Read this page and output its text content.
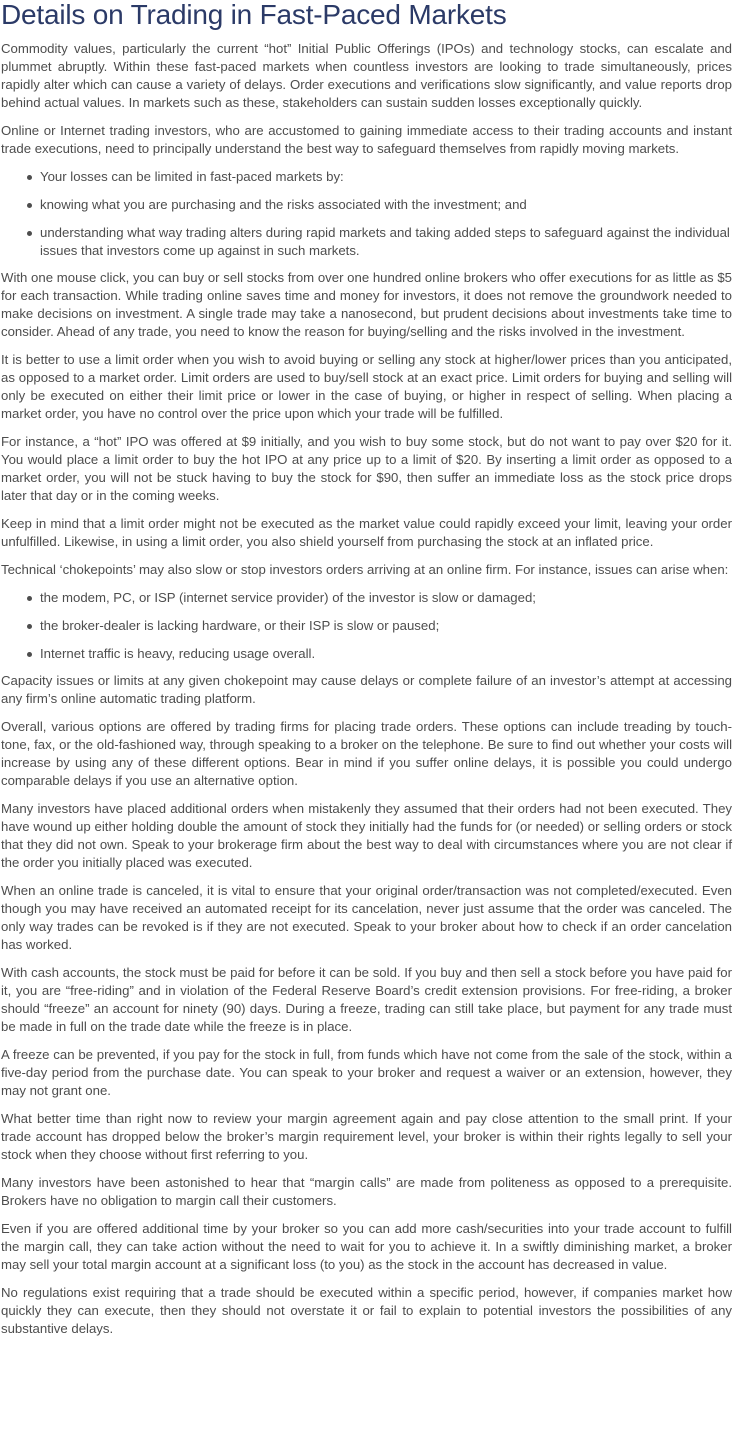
Details on Trading in Fast-Paced Markets

Commodity values, particularly the current “hot” Initial Public Offerings (IPOs) and technology stocks, can escalate and plummet abruptly. Within these fast-paced markets when countless investors are looking to trade simultaneously, prices rapidly alter which can cause a variety of delays. Order executions and verifications slow significantly, and value reports drop behind actual values. In markets such as these, stakeholders can sustain sudden losses exceptionally quickly.

Online or Internet trading investors, who are accustomed to gaining immediate access to their trading accounts and instant trade executions, need to principally understand the best way to safeguard themselves from rapidly moving markets.

Your losses can be limited in fast-paced markets by:
knowing what you are purchasing and the risks associated with the investment; and
understanding what way trading alters during rapid markets and taking added steps to safeguard against the individual issues that investors come up against in such markets.

With one mouse click, you can buy or sell stocks from over one hundred online brokers who offer executions for as little as $5 for each transaction. While trading online saves time and money for investors, it does not remove the groundwork needed to make decisions on investment. A single trade may take a nanosecond, but prudent decisions about investments take time to consider. Ahead of any trade, you need to know the reason for buying/selling and the risks involved in the investment.

It is better to use a limit order when you wish to avoid buying or selling any stock at higher/lower prices than you anticipated, as opposed to a market order. Limit orders are used to buy/sell stock at an exact price. Limit orders for buying and selling will only be executed on either their limit price or lower in the case of buying, or higher in respect of selling. When placing a market order, you have no control over the price upon which your trade will be fulfilled.

For instance, a “hot” IPO was offered at $9 initially, and you wish to buy some stock, but do not want to pay over $20 for it. You would place a limit order to buy the hot IPO at any price up to a limit of $20. By inserting a limit order as opposed to a market order, you will not be stuck having to buy the stock for $90, then suffer an immediate loss as the stock price drops later that day or in the coming weeks.

Keep in mind that a limit order might not be executed as the market value could rapidly exceed your limit, leaving your order unfulfilled. Likewise, in using a limit order, you also shield yourself from purchasing the stock at an inflated price.

Technical ‘chokepoints’ may also slow or stop investors orders arriving at an online firm. For instance, issues can arise when:

the modem, PC, or ISP (internet service provider) of the investor is slow or damaged;
the broker-dealer is lacking hardware, or their ISP is slow or paused;
Internet traffic is heavy, reducing usage overall.

Capacity issues or limits at any given chokepoint may cause delays or complete failure of an investor’s attempt at accessing any firm’s online automatic trading platform.

Overall, various options are offered by trading firms for placing trade orders. These options can include treading by touch-tone, fax, or the old-fashioned way, through speaking to a broker on the telephone. Be sure to find out whether your costs will increase by using any of these different options. Bear in mind if you suffer online delays, it is possible you could undergo comparable delays if you use an alternative option.

Many investors have placed additional orders when mistakenly they assumed that their orders had not been executed. They have wound up either holding double the amount of stock they initially had the funds for (or needed) or selling orders or stock that they did not own. Speak to your brokerage firm about the best way to deal with circumstances where you are not clear if the order you initially placed was executed.

When an online trade is canceled, it is vital to ensure that your original order/transaction was not completed/executed. Even though you may have received an automated receipt for its cancelation, never just assume that the order was canceled. The only way trades can be revoked is if they are not executed. Speak to your broker about how to check if an order cancelation has worked.

With cash accounts, the stock must be paid for before it can be sold. If you buy and then sell a stock before you have paid for it, you are “free-riding” and in violation of the Federal Reserve Board’s credit extension provisions. For free-riding, a broker should “freeze” an account for ninety (90) days. During a freeze, trading can still take place, but payment for any trade must be made in full on the trade date while the freeze is in place.

A freeze can be prevented, if you pay for the stock in full, from funds which have not come from the sale of the stock, within a five-day period from the purchase date. You can speak to your broker and request a waiver or an extension, however, they may not grant one.

What better time than right now to review your margin agreement again and pay close attention to the small print. If your trade account has dropped below the broker’s margin requirement level, your broker is within their rights legally to sell your stock when they choose without first referring to you.

Many investors have been astonished to hear that “margin calls” are made from politeness as opposed to a prerequisite. Brokers have no obligation to margin call their customers.

Even if you are offered additional time by your broker so you can add more cash/securities into your trade account to fulfill the margin call, they can take action without the need to wait for you to achieve it. In a swiftly diminishing market, a broker may sell your total margin account at a significant loss (to you) as the stock in the account has decreased in value.

No regulations exist requiring that a trade should be executed within a specific period, however, if companies market how quickly they can execute, then they should not overstate it or fail to explain to potential investors the possibilities of any substantive delays.
